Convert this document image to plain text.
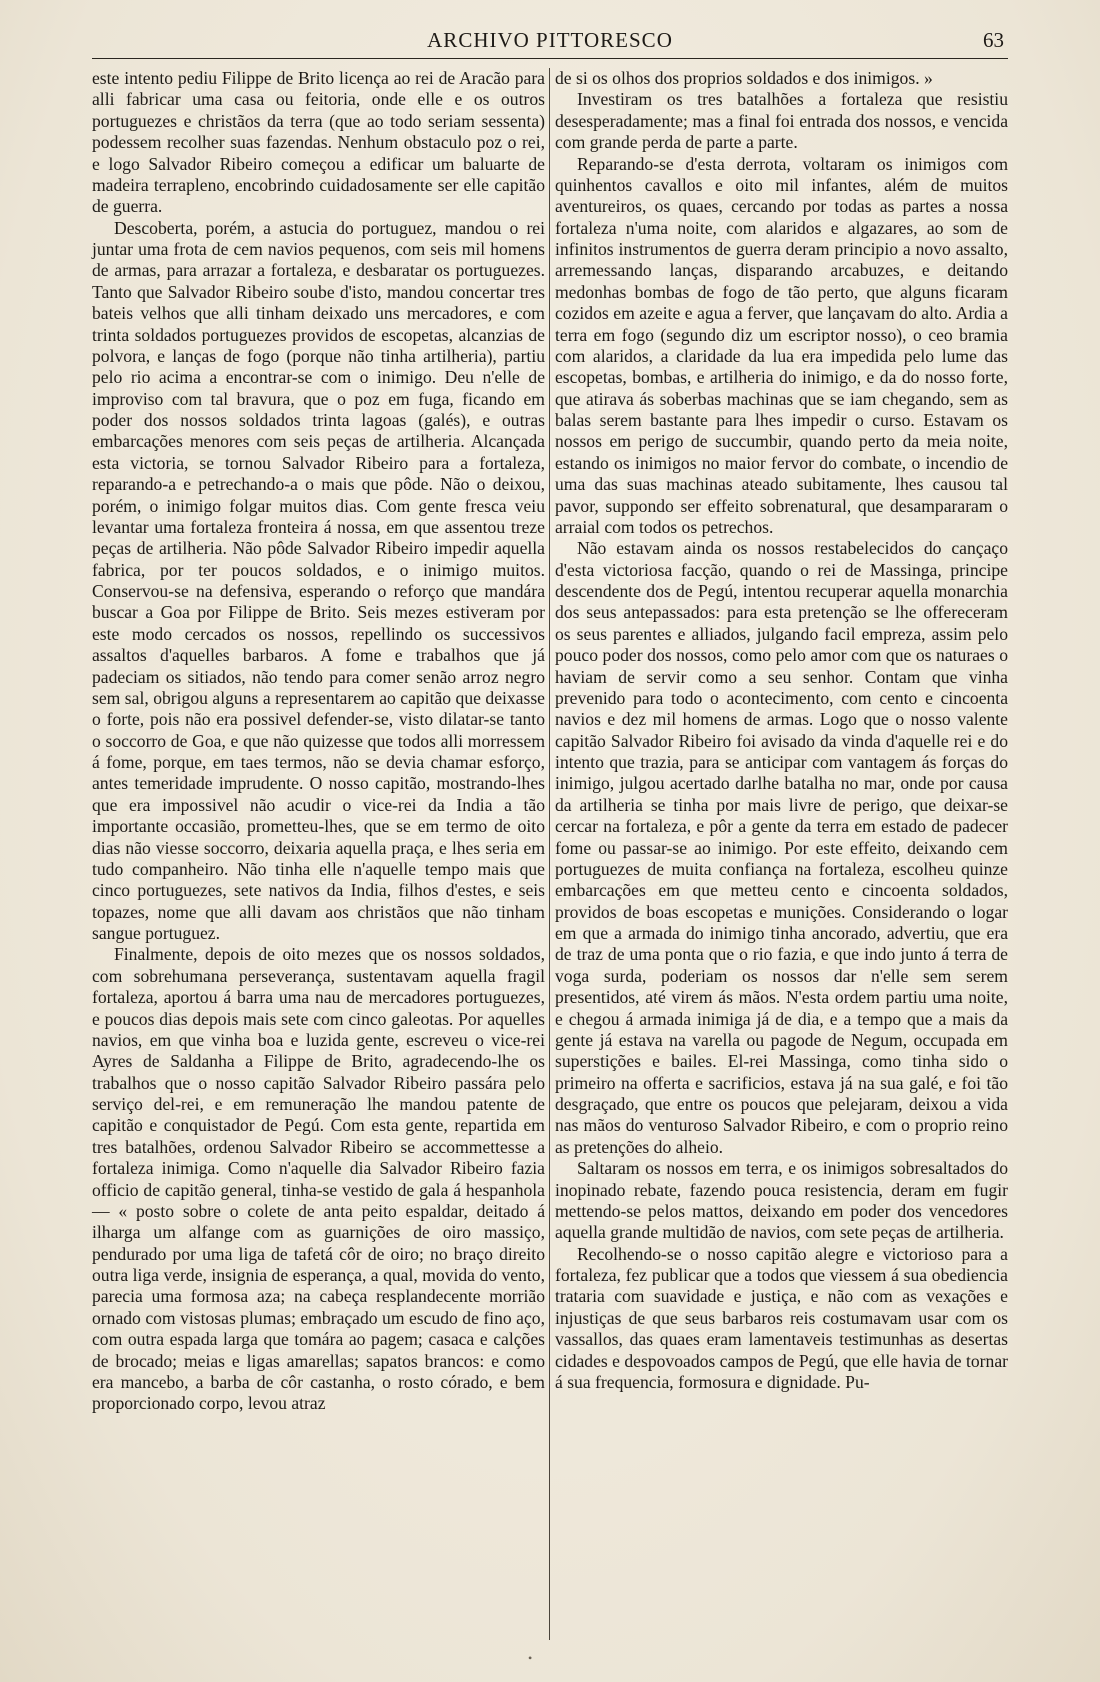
ARCHIVO PITTORESCO	63

este intento pediu Filippe de Brito licença ao rei de Aracão para alli fabricar uma casa ou feitoria, onde elle e os outros portuguezes e christãos da terra (que ao todo seriam sessenta) podessem recolher suas fazendas. Nenhum obstaculo poz o rei, e logo Salvador Ribeiro começou a edificar um baluarte de madeira terrapleno, encobrindo cuidadosamente ser elle capitão de guerra.

Descoberta, porém, a astucia do portuguez, mandou o rei juntar uma frota de cem navios pequenos, com seis mil homens de armas, para arrazar a fortaleza, e desbaratar os portuguezes. Tanto que Salvador Ribeiro soube d'isto, mandou concertar tres bateis velhos que alli tinham deixado uns mercadores, e com trinta soldados portuguezes providos de escopetas, alcanzias de polvora, e lanças de fogo (porque não tinha artilheria), partiu pelo rio acima a encontrar-se com o inimigo. Deu n'elle de improviso com tal bravura, que o poz em fuga, ficando em poder dos nossos soldados trinta lagoas (galés), e outras embarcações menores com seis peças de artilheria. Alcançada esta victoria, se tornou Salvador Ribeiro para a fortaleza, reparando-a e petrechando-a o mais que pôde. Não o deixou, porém, o inimigo folgar muitos dias. Com gente fresca veiu levantar uma fortaleza fronteira á nossa, em que assentou treze peças de artilheria. Não pôde Salvador Ribeiro impedir aquella fabrica, por ter poucos soldados, e o inimigo muitos. Conservou-se na defensiva, esperando o reforço que mandára buscar a Goa por Filippe de Brito. Seis mezes estiveram por este modo cercados os nossos, repellindo os successivos assaltos d'aquelles barbaros. A fome e trabalhos que já padeciam os sitiados, não tendo para comer senão arroz negro sem sal, obrigou alguns a representarem ao capitão que deixasse o forte, pois não era possivel defender-se, visto dilatar-se tanto o soccorro de Goa, e que não quizesse que todos alli morressem á fome, porque, em taes termos, não se devia chamar esforço, antes temeridade imprudente. O nosso capitão, mostrando-lhes que era impossivel não acudir o vice-rei da India a tão importante occasião, prometteu-lhes, que se em termo de oito dias não viesse soccorro, deixaria aquella praça, e lhes seria em tudo companheiro. Não tinha elle n'aquelle tempo mais que cinco portuguezes, sete nativos da India, filhos d'estes, e seis topazes, nome que alli davam aos christãos que não tinham sangue portuguez.

Finalmente, depois de oito mezes que os nossos soldados, com sobrehumana perseverança, sustentavam aquella fragil fortaleza, aportou á barra uma nau de mercadores portuguezes, e poucos dias depois mais sete com cinco galeotas. Por aquelles navios, em que vinha boa e luzida gente, escreveu o vice-rei Ayres de Saldanha a Filippe de Brito, agradecendo-lhe os trabalhos que o nosso capitão Salvador Ribeiro passára pelo serviço del-rei, e em remuneração lhe mandou patente de capitão e conquistador de Pegú. Com esta gente, repartida em tres batalhões, ordenou Salvador Ribeiro se accommettesse a fortaleza inimiga. Como n'aquelle dia Salvador Ribeiro fazia officio de capitão general, tinha-se vestido de gala á hespanhola — « posto sobre o colete de anta peito espaldar, deitado á ilharga um alfange com as guarnições de oiro massiço, pendurado por uma liga de tafetá côr de oiro; no braço direito outra liga verde, insignia de esperança, a qual, movida do vento, parecia uma formosa aza; na cabeça resplandecente morrião ornado com vistosas plumas; embraçado um escudo de fino aço, com outra espada larga que tomára ao pagem; casaca e calções de brocado; meias e ligas amarellas; sapatos brancos: e como era mancebo, a barba de côr castanha, o rosto córado, e bem proporcionado corpo, levou atraz

de si os olhos dos proprios soldados e dos inimigos. »

Investiram os tres batalhões a fortaleza que resistiu desesperadamente; mas a final foi entrada dos nossos, e vencida com grande perda de parte a parte.

Reparando-se d'esta derrota, voltaram os inimigos com quinhentos cavallos e oito mil infantes, além de muitos aventureiros, os quaes, cercando por todas as partes a nossa fortaleza n'uma noite, com alaridos e algazares, ao som de infinitos instrumentos de guerra deram principio a novo assalto, arremessando lanças, disparando arcabuzes, e deitando medonhas bombas de fogo de tão perto, que alguns ficaram cozidos em azeite e agua a ferver, que lançavam do alto. Ardia a terra em fogo (segundo diz um escriptor nosso), o ceo bramia com alaridos, a claridade da lua era impedida pelo lume das escopetas, bombas, e artilheria do inimigo, e da do nosso forte, que atirava ás soberbas machinas que se iam chegando, sem as balas serem bastante para lhes impedir o curso. Estavam os nossos em perigo de succumbir, quando perto da meia noite, estando os inimigos no maior fervor do combate, o incendio de uma das suas machinas ateado subitamente, lhes causou tal pavor, suppondo ser effeito sobrenatural, que desampararam o arraial com todos os petrechos.

Não estavam ainda os nossos restabelecidos do cançaço d'esta victoriosa facção, quando o rei de Massinga, principe descendente dos de Pegú, intentou recuperar aquella monarchia dos seus antepassados: para esta pretenção se lhe offereceram os seus parentes e alliados, julgando facil empreza, assim pelo pouco poder dos nossos, como pelo amor com que os naturaes o haviam de servir como a seu senhor. Contam que vinha prevenido para todo o acontecimento, com cento e cincoenta navios e dez mil homens de armas. Logo que o nosso valente capitão Salvador Ribeiro foi avisado da vinda d'aquelle rei e do intento que trazia, para se anticipar com vantagem ás forças do inimigo, julgou acertado darlhe batalha no mar, onde por causa da artilheria se tinha por mais livre de perigo, que deixar-se cercar na fortaleza, e pôr a gente da terra em estado de padecer fome ou passar-se ao inimigo. Por este effeito, deixando cem portuguezes de muita confiança na fortaleza, escolheu quinze embarcações em que metteu cento e cincoenta soldados, providos de boas escopetas e munições. Considerando o logar em que a armada do inimigo tinha ancorado, advertiu, que era de traz de uma ponta que o rio fazia, e que indo junto á terra de voga surda, poderiam os nossos dar n'elle sem serem presentidos, até virem ás mãos. N'esta ordem partiu uma noite, e chegou á armada inimiga já de dia, e a tempo que a mais da gente já estava na varella ou pagode de Negum, occupada em superstições e bailes. El-rei Massinga, como tinha sido o primeiro na offerta e sacrificios, estava já na sua galé, e foi tão desgraçado, que entre os poucos que pelejaram, deixou a vida nas mãos do venturoso Salvador Ribeiro, e com o proprio reino as pretenções do alheio.

Saltaram os nossos em terra, e os inimigos sobresaltados do inopinado rebate, fazendo pouca resistencia, deram em fugir mettendo-se pelos mattos, deixando em poder dos vencedores aquella grande multidão de navios, com sete peças de artilheria.

Recolhendo-se o nosso capitão alegre e victorioso para a fortaleza, fez publicar que a todos que viessem á sua obediencia trataria com suavidade e justiça, e não com as vexações e injustiças de que seus barbaros reis costumavam usar com os vassallos, das quaes eram lamentaveis testimunhas as desertas cidades e despovoados campos de Pegú, que elle havia de tornar á sua frequencia, formosura e dignidade. Pu-

•
